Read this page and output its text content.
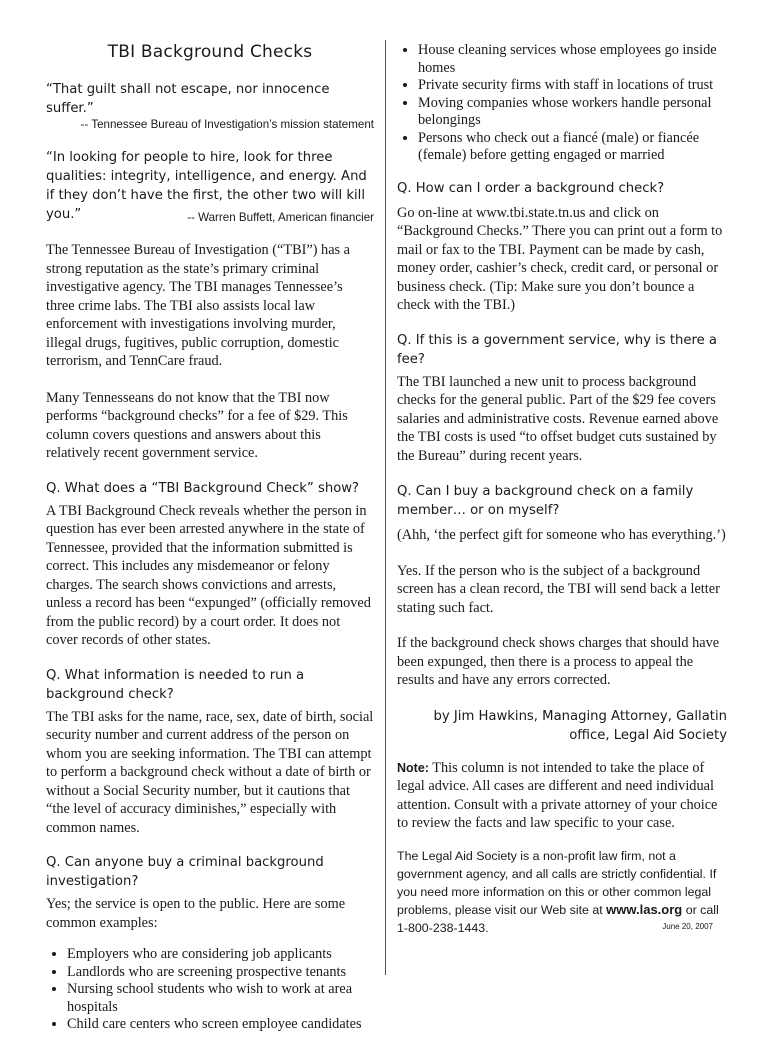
TBI Background Checks

“That guilt shall not escape, nor innocence suffer.”

-- Tennessee Bureau of Investigation’s mission statement

“In looking for people to hire, look for three qualities: integrity, intelligence, and energy. And if they don’t have the first, the other two will kill you.”	-- Warren Buffett, American financier

The Tennessee Bureau of Investigation (“TBI”) has a strong reputation as the state’s primary criminal investigative agency. The TBI manages Tennessee’s three crime labs. The TBI also assists local law enforcement with investigations involving murder, illegal drugs, fugitives, public corruption, domestic terrorism, and TennCare fraud.

Many Tennesseans do not know that the TBI now performs “background checks” for a fee of $29. This column covers questions and answers about this relatively recent government service.

Q. What does a “TBI Background Check” show?

A TBI Background Check reveals whether the person in question has ever been arrested anywhere in the state of Tennessee, provided that the information submitted is correct. This includes any misdemeanor or felony charges. The search shows convictions and arrests, unless a record has been “expunged” (officially removed from the public record) by a court order. It does not cover records of other states.

Q. What information is needed to run a background check?

The TBI asks for the name, race, sex, date of birth, social security number and current address of the person on whom you are seeking information. The TBI can attempt to perform a background check without a date of birth or without a Social Security number, but it cautions that “the level of accuracy diminishes,” especially with common names.

Q. Can anyone buy a criminal background investigation?

Yes; the service is open to the public. Here are some common examples:

• Employers who are considering job applicants
• Landlords who are screening prospective tenants
• Nursing school students who wish to work at area hospitals
• Child care centers who screen employee candidates
• House cleaning services whose employees go inside homes
• Private security firms with staff in locations of trust
• Moving companies whose workers handle personal belongings
• Persons who check out a fiancé (male) or fiancée (female) before getting engaged or married

Q. How can I order a background check?

Go on-line at www.tbi.state.tn.us and click on “Background Checks.” There you can print out a form to mail or fax to the TBI. Payment can be made by cash, money order, cashier’s check, credit card, or personal or business check. (Tip: Make sure you don’t bounce a check with the TBI.)

Q. If this is a government service, why is there a fee?

The TBI launched a new unit to process background checks for the general public. Part of the $29 fee covers salaries and administrative costs. Revenue earned above the TBI costs is used “to offset budget cuts sustained by the Bureau” during recent years.

Q. Can I buy a background check on a family member… or on myself?

(Ahh, ‘the perfect gift for someone who has everything.’)

Yes. If the person who is the subject of a background screen has a clean record, the TBI will send back a letter stating such fact.

If the background check shows charges that should have been expunged, then there is a process to appeal the results and have any errors corrected.

by Jim Hawkins, Managing Attorney, Gallatin office, Legal Aid Society

Note: This column is not intended to take the place of legal advice. All cases are different and need individual attention. Consult with a private attorney of your choice to review the facts and law specific to your case.

The Legal Aid Society is a non-profit law firm, not a government agency, and all calls are strictly confidential. If you need more information on this or other common legal problems, please visit our Web site at www.las.org or call 1-800-238-1443.	June 20, 2007
